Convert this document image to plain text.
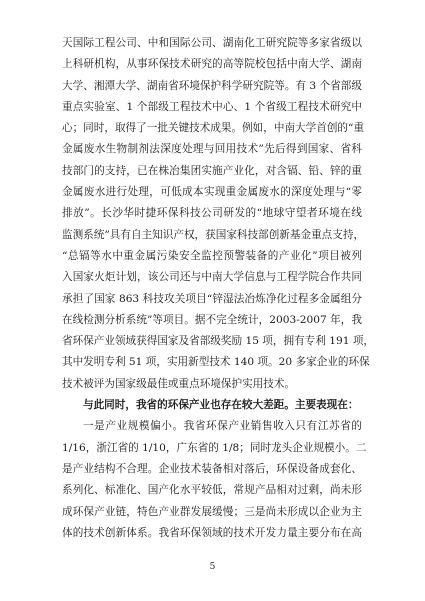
天国际工程公司、中和国际公司、湖南化工研究院等多家省级以
上科研机构，从事环保技术研究的高等院校包括中南大学、湖南
大学、湘潭大学、湖南省环境保护科学研究院等。有 3 个省部级
重点实验室、1 个部级工程技术中心、1 个省级工程技术研究中
心；同时，取得了一批关键技术成果。例如，中南大学首创的“重
金属废水生物制剂法深度处理与回用技术”先后得到国家、省科
技部门的支持，已在株冶集团实施产业化，对含镉、铅、锌的重
金属废水进行处理，可低成本实现重金属废水的深度处理与“零
排放”。长沙华时捷环保科技公司研发的“地球守望者环境在线
监测系统”具有自主知识产权，获国家科技部创新基金重点支持，
“总镉等水中重金属污染安全监控预警装备的产业化”项目被列
入国家火炬计划，该公司还与中南大学信息与工程学院合作共同
承担了国家 863 科技攻关项目“锌湿法冶炼净化过程多金属组分
在线检测分析系统”等项目。据不完全统计，2003-2007 年，我
省环保产业领域获得国家及省部级奖励 15 项，拥有专利 191 项，
其中发明专利 51 项，实用新型技术 140 项。20 多家企业的环保
技术被评为国家级最佳或重点环境保护实用技术。
与此同时，我省的环保产业也存在较大差距。主要表现在：
一是产业规模偏小。我省环保产业销售收入只有江苏省的
1/16，浙江省的 1/10，广东省的 1/8；同时龙头企业规模小。二
是产业结构不合理。企业技术装备相对落后，环保设备成套化、
系列化、标准化、国产化水平较低，常规产品相对过剩，尚未形
成环保产业链，特色产业群发展缓慢；三是尚未形成以企业为主
体的技术创新体系。我省环保领域的技术开发力量主要分布在高
5
